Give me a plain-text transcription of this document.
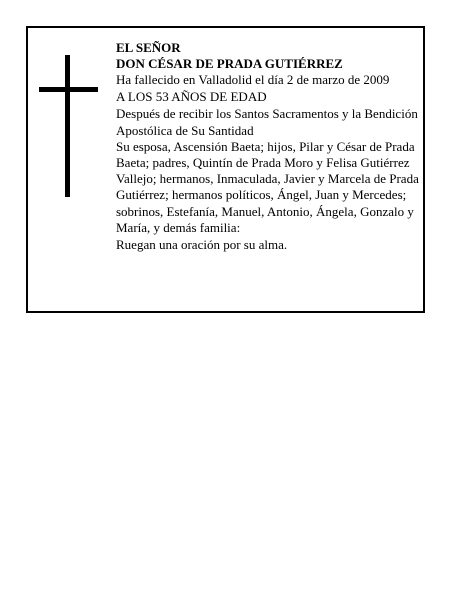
EL SEÑOR
DON CÉSAR DE PRADA GUTIÉRREZ
Ha fallecido en Valladolid el día 2 de marzo de 2009
A LOS 53 AÑOS DE EDAD
Después de recibir los Santos Sacramentos y la Bendición Apostólica de Su Santidad
Su esposa, Ascensión Baeta; hijos, Pilar y César de Prada Baeta; padres, Quintín de Prada Moro y Felisa Gutiérrez Vallejo; hermanos, Inmaculada, Javier y Marcela de Prada Gutiérrez; hermanos políticos, Ángel, Juan y Mercedes; sobrinos, Estefanía, Manuel, Antonio, Ángela, Gonzalo y María, y demás familia:
Ruegan una oración por su alma.
